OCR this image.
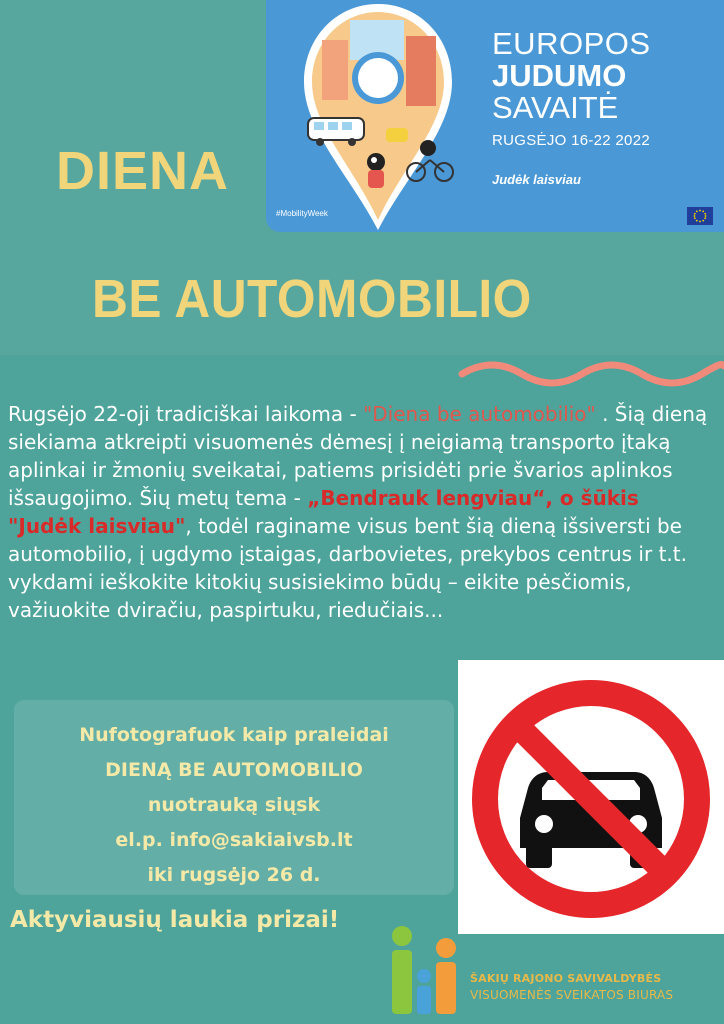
EUROPOS
JUDUMO
SAVAITĖ
RUGSĖJO 16-22 2022
Judėk laisviau
#MobilityWeek
DIENA
BE AUTOMOBILIO
Rugsėjo 22-oji tradiciškai laikoma - "Diena be automobilio" . Šią dieną siekiama atkreipti visuomenės dėmesį į neigiamą transporto įtaką aplinkai ir žmonių sveikatai, patiems prisidėti prie švarios aplinkos išsaugojimo. Šių metų tema - „Bendrauk lengviau“, o šūkis "Judėk laisviau", todėl raginame visus bent šią dieną išsiversti be automobilio, į ugdymo įstaigas, darbovietes, prekybos centrus ir t.t. vykdami ieškokite kitokių susisiekimo būdų – eikite pėsčiomis, važiuokite dviračiu, paspirtuku, riedučiais...
Nufotografuok kaip praleidai
DIENĄ BE AUTOMOBILIO
nuotrauką siųsk
el.p. info@sakiaivsb.lt
iki rugsėjo 26 d.
Aktyviausių laukia prizai!
ŠAKIŲ RAJONO SAVIVALDYBĖS
VISUOMENĖS SVEIKATOS BIURAS
